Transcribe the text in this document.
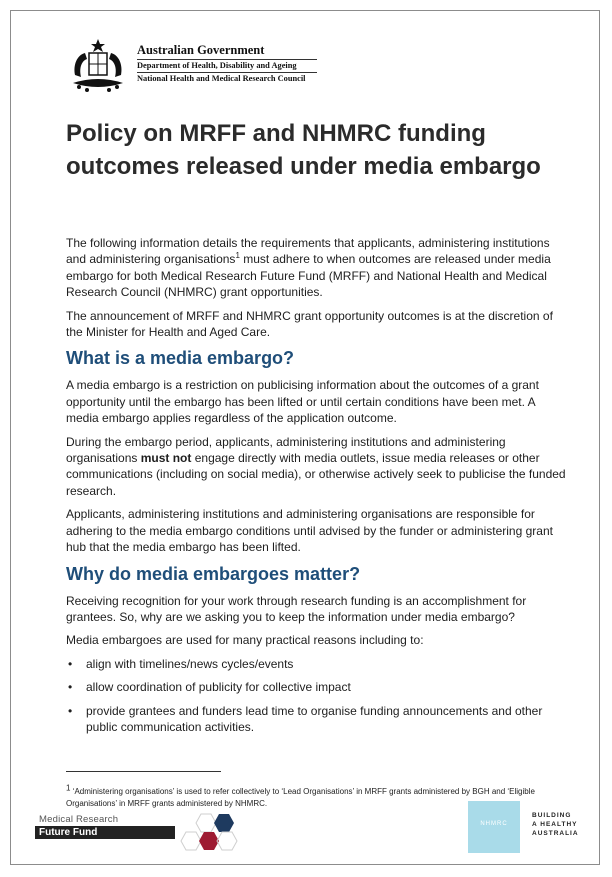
Australian Government
Department of Health, Disability and Ageing
National Health and Medical Research Council
Policy on MRFF and NHMRC funding outcomes released under media embargo

The following information details the requirements that applicants, administering institutions and administering organisations$^1$ must adhere to when outcomes are released under media embargo for both Medical Research Future Fund (MRFF) and National Health and Medical Research Council (NHMRC) grant opportunities.

The announcement of MRFF and NHMRC grant opportunity outcomes is at the discretion of the Minister for Health and Aged Care.

What is a media embargo?

A media embargo is a restriction on publicising information about the outcomes of a grant opportunity until the embargo has been lifted or until certain conditions have been met. A media embargo applies regardless of the application outcome.

During the embargo period, applicants, administering institutions and administering organisations must not engage directly with media outlets, issue media releases or other communications (including on social media), or otherwise actively seek to publicise the funded research.

Applicants, administering institutions and administering organisations are responsible for adhering to the media embargo conditions until advised by the funder or administering grant hub that the media embargo has been lifted.

Why do media embargoes matter?

Receiving recognition for your work through research funding is an accomplishment for grantees. So, why are we asking you to keep the information under media embargo?

Media embargoes are used for many practical reasons including to:

• align with timelines/news cycles/events
• allow coordination of publicity for collective impact
• provide grantees and funders lead time to organise funding announcements and other public communication activities.
$^1$ ‘Administering organisations’ is used to refer collectively to ‘Lead Organisations’ in MRFF grants administered by BGH and ‘Eligible Organisations’ in MRFF grants administered by NHMRC.
Medical Research
Future Fund
NHMRC
BUILDING
A HEALTHY
AUSTRALIA
